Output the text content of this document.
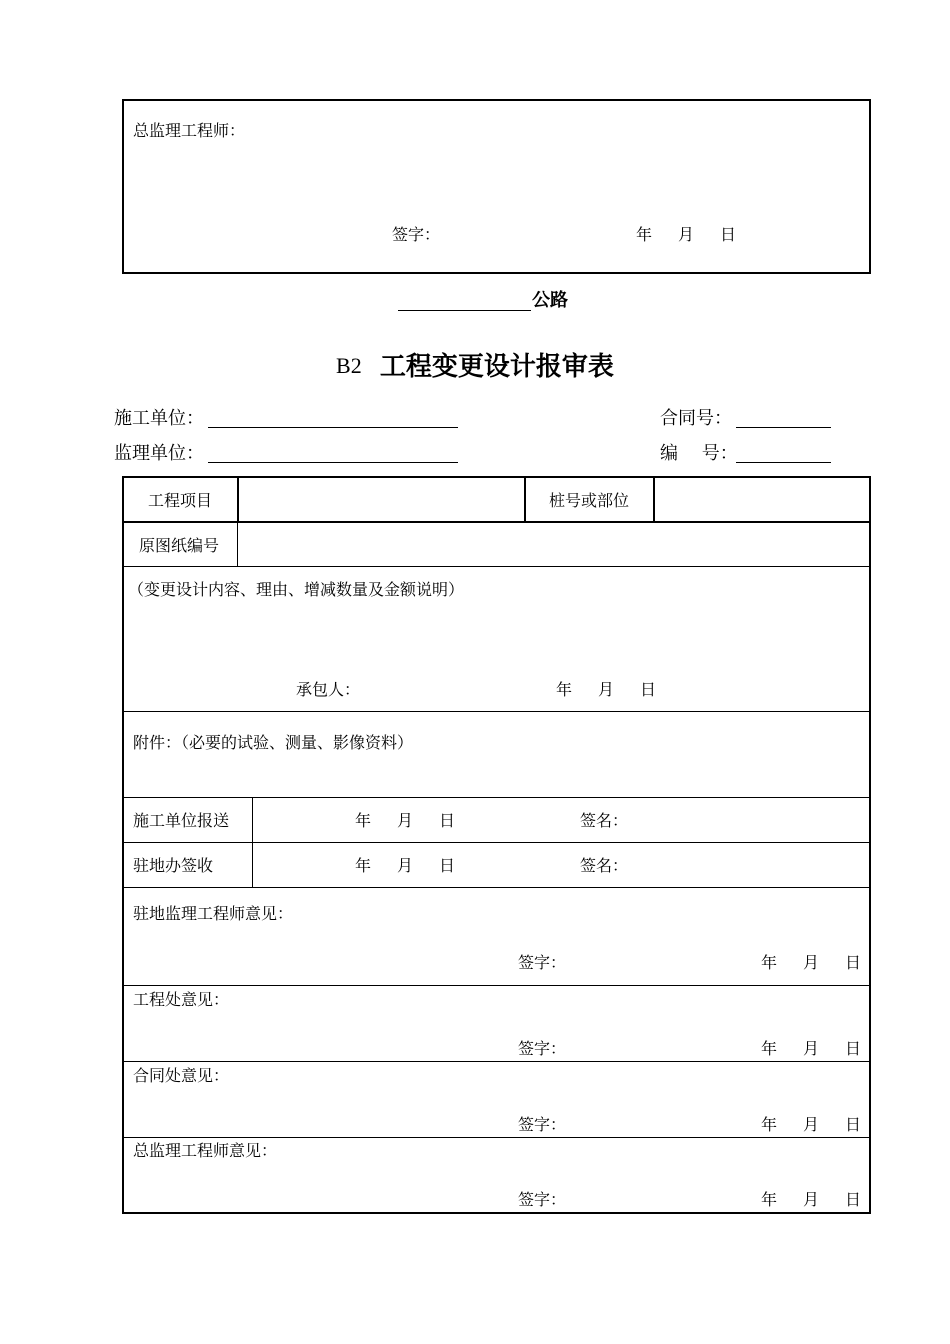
总监理工程师：
签字：	年 月 日
公路
B2 工程变更设计报审表
施工单位：
监理单位：
合同号：
编　 号：
工程项目	桩号或部位
原图纸编号
（变更设计内容、理由、增减数量及金额说明）
承包人：	年 月 日
附件：（必要的试验、测量、影像资料）
施工单位报送	年 月 日	签名：
驻地办签收	年 月 日	签名：
驻地监理工程师意见：
签字：	年 月 日
工程处意见：
签字：	年 月 日
合同处意见：
签字：	年 月 日
总监理工程师意见：
签字：	年 月 日
